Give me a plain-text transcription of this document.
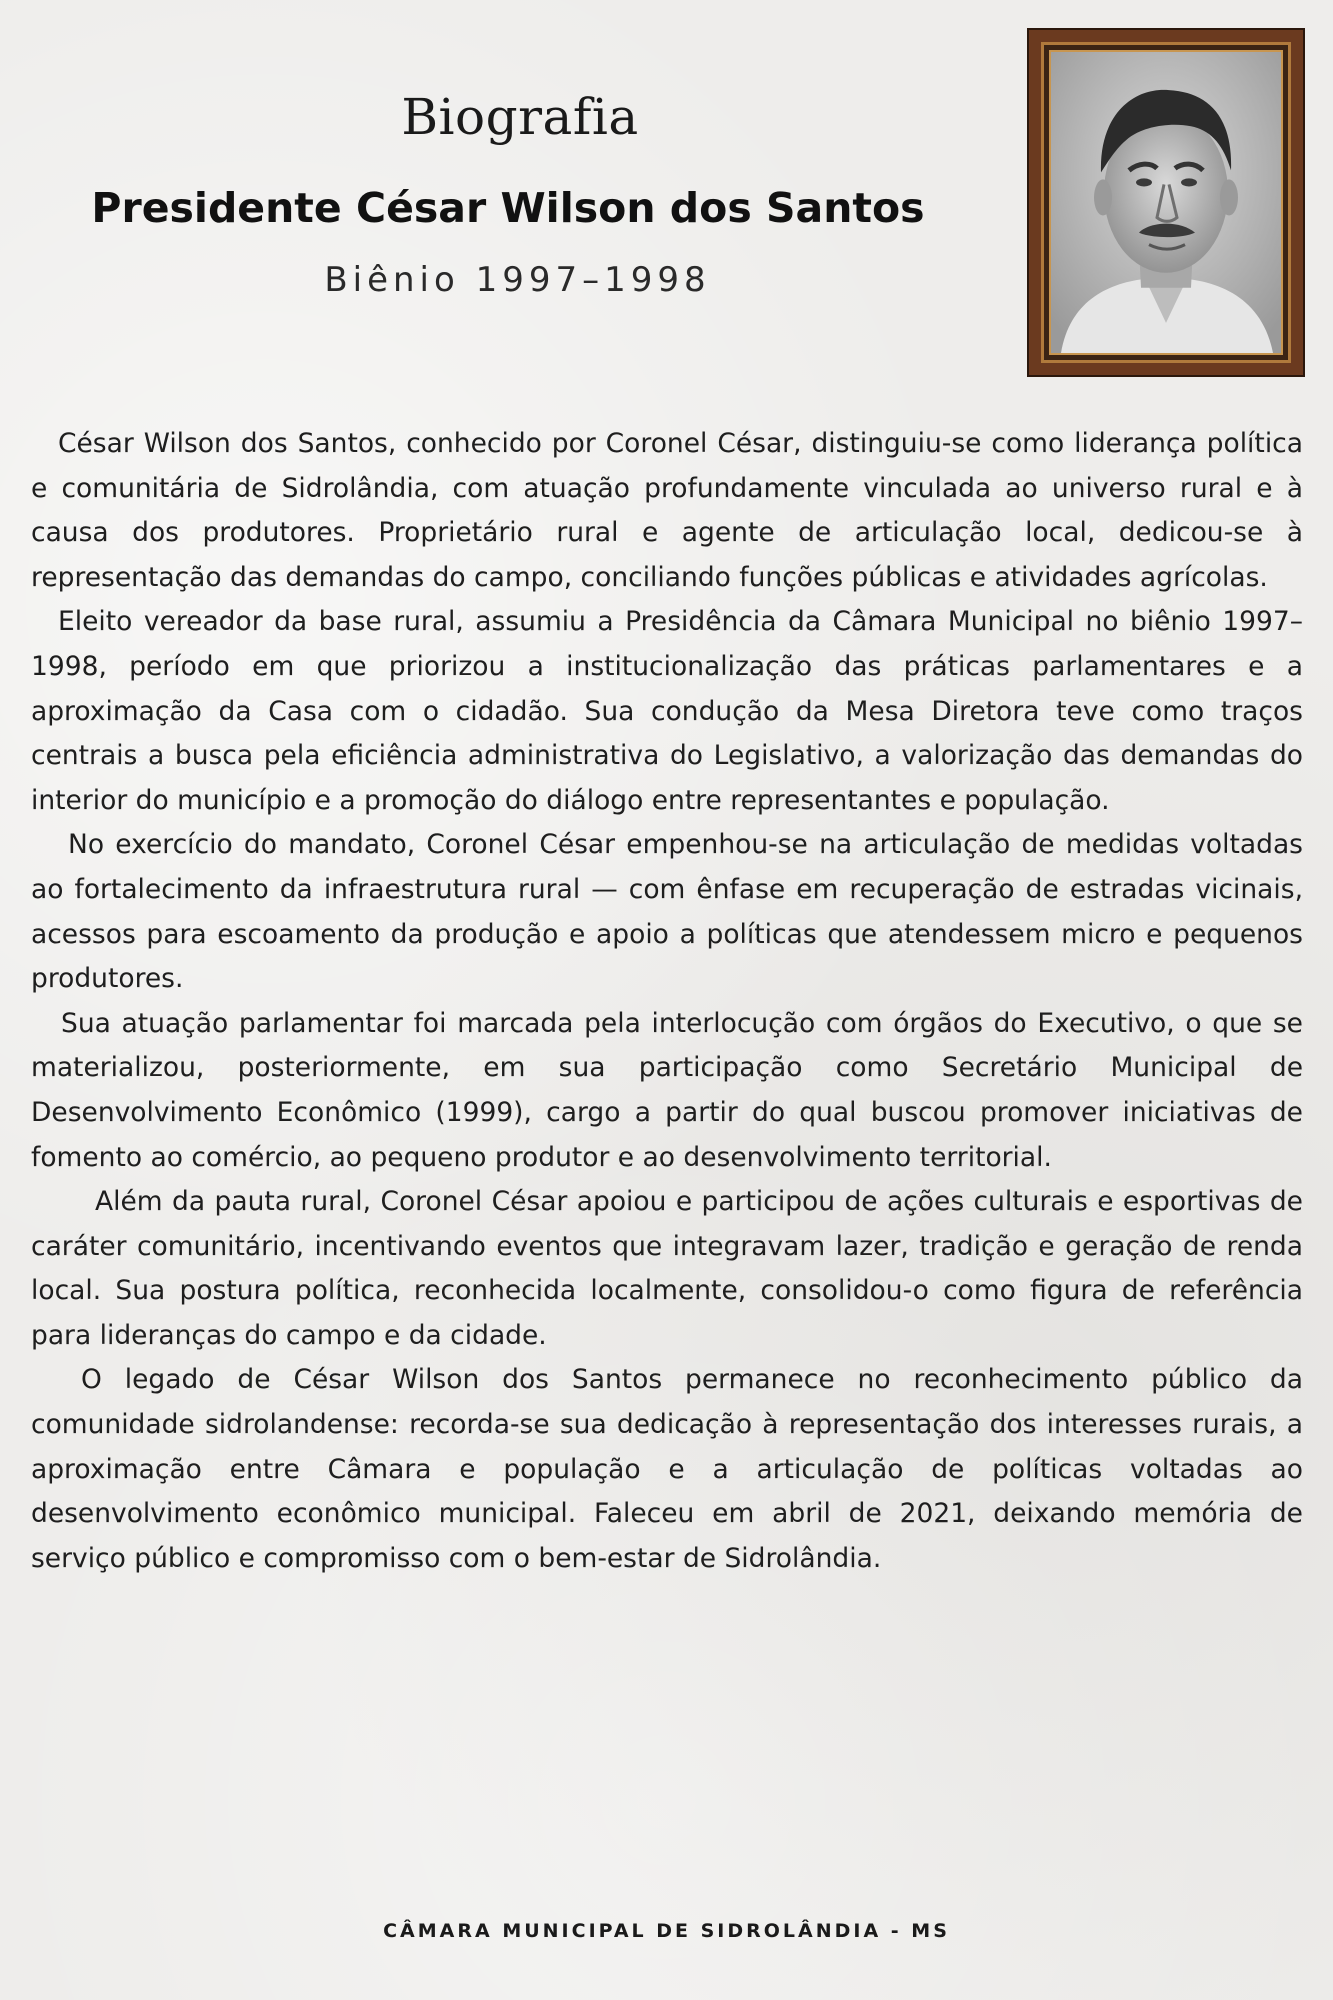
Biografia
Presidente César Wilson dos Santos
Biênio 1997–1998

César Wilson dos Santos, conhecido por Coronel César, distinguiu-se como liderança política e comunitária de Sidrolândia, com atuação profundamente vinculada ao universo rural e à causa dos produtores. Proprietário rural e agente de articulação local, dedicou-se à representação das demandas do campo, conciliando funções públicas e atividades agrícolas.

Eleito vereador da base rural, assumiu a Presidência da Câmara Municipal no biênio 1997–1998, período em que priorizou a institucionalização das práticas parlamentares e a aproximação da Casa com o cidadão. Sua condução da Mesa Diretora teve como traços centrais a busca pela eficiência administrativa do Legislativo, a valorização das demandas do interior do município e a promoção do diálogo entre representantes e população.

No exercício do mandato, Coronel César empenhou-se na articulação de medidas voltadas ao fortalecimento da infraestrutura rural — com ênfase em recuperação de estradas vicinais, acessos para escoamento da produção e apoio a políticas que atendessem micro e pequenos produtores.

Sua atuação parlamentar foi marcada pela interlocução com órgãos do Executivo, o que se materializou, posteriormente, em sua participação como Secretário Municipal de Desenvolvimento Econômico (1999), cargo a partir do qual buscou promover iniciativas de fomento ao comércio, ao pequeno produtor e ao desenvolvimento territorial.

Além da pauta rural, Coronel César apoiou e participou de ações culturais e esportivas de caráter comunitário, incentivando eventos que integravam lazer, tradição e geração de renda local. Sua postura política, reconhecida localmente, consolidou-o como figura de referência para lideranças do campo e da cidade.

O legado de César Wilson dos Santos permanece no reconhecimento público da comunidade sidrolandense: recorda-se sua dedicação à representação dos interesses rurais, a aproximação entre Câmara e população e a articulação de políticas voltadas ao desenvolvimento econômico municipal. Faleceu em abril de 2021, deixando memória de serviço público e compromisso com o bem-estar de Sidrolândia.

CÂMARA MUNICIPAL DE SIDROLÂNDIA - MS
